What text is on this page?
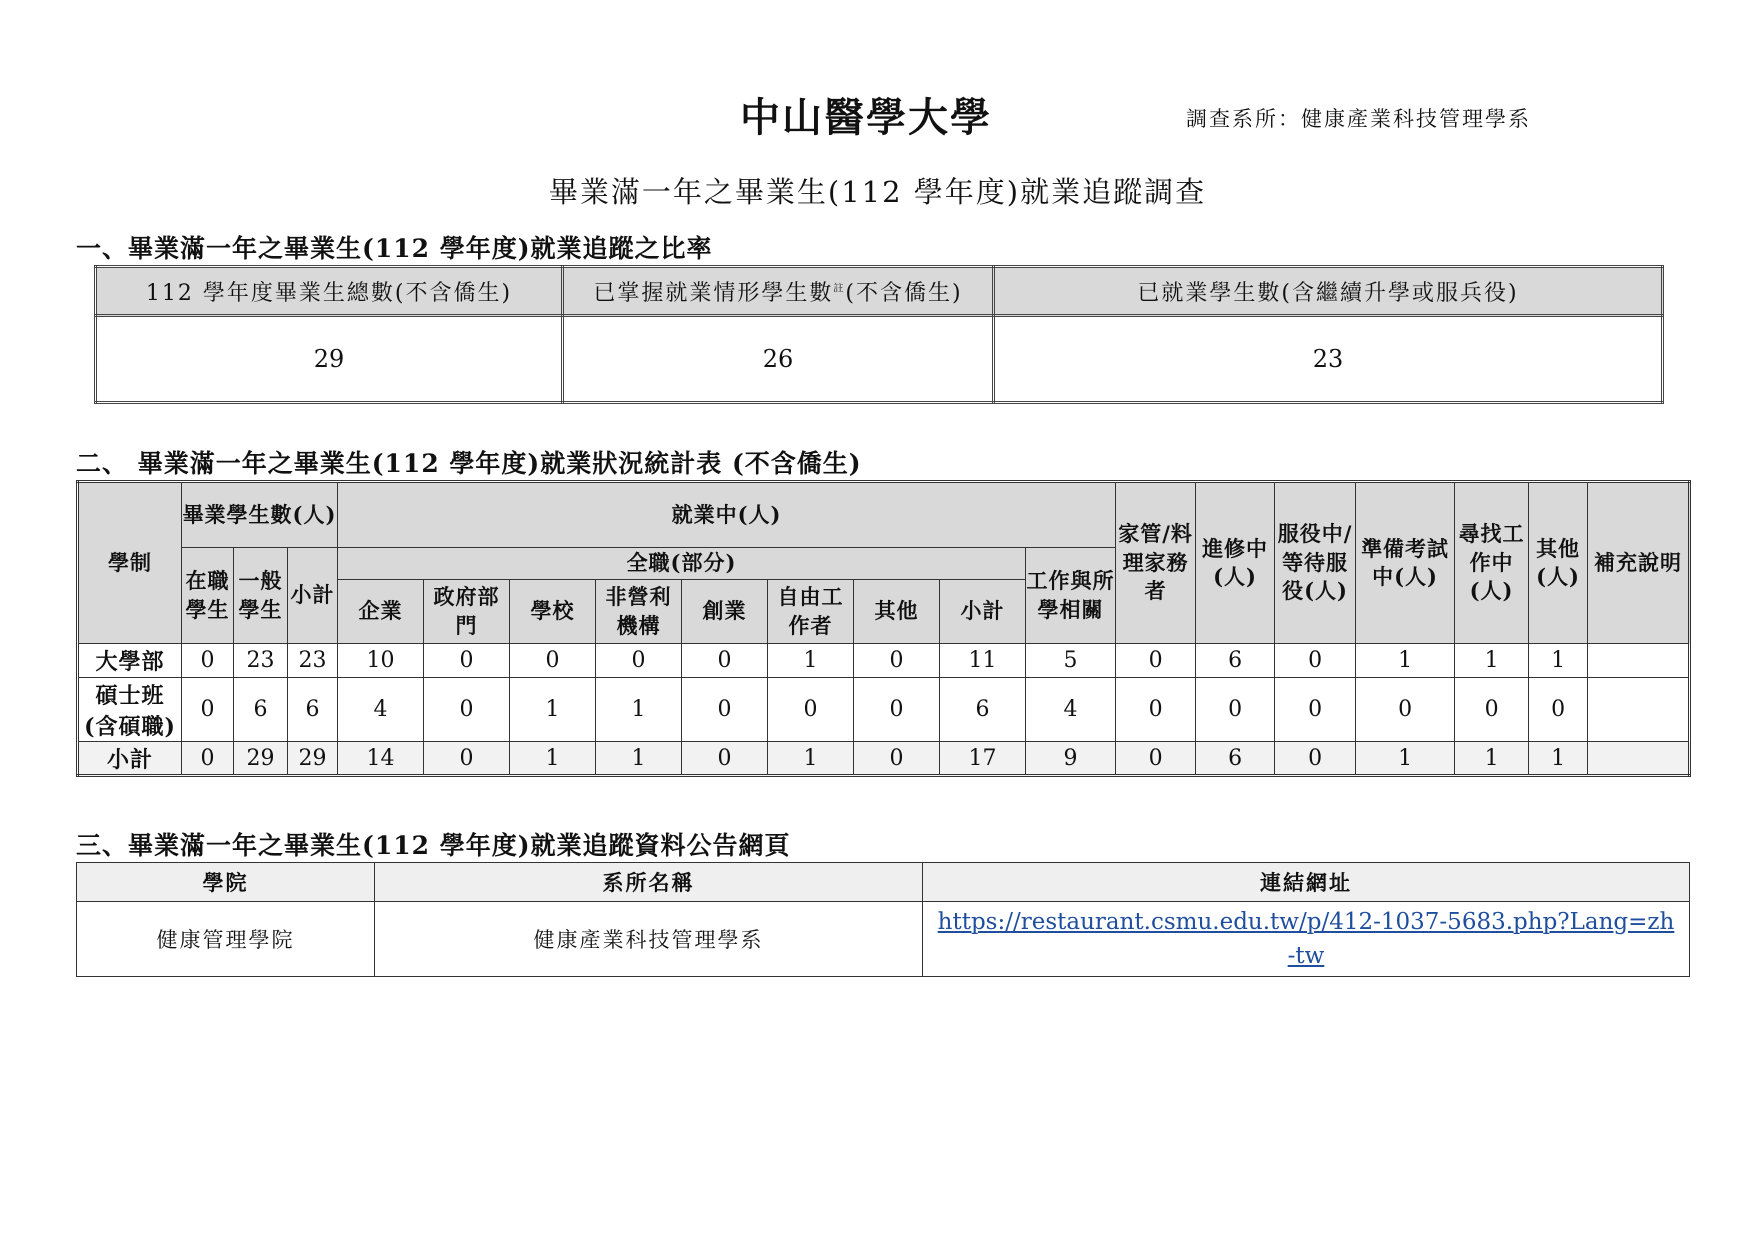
中山醫學大學	調查系所：健康產業科技管理學系
畢業滿一年之畢業生(112 學年度)就業追蹤調查
一、畢業滿一年之畢業生(112 學年度)就業追蹤之比率
112 學年度畢業生總數(不含僑生)	已掌握就業情形學生數$^註$(不含僑生)	已就業學生數(含繼續升學或服兵役)
29	26	23
二、 畢業滿一年之畢業生(112 學年度)就業狀況統計表 (不含僑生)
學制	畢業學生數(人)			就業中(人)									家管/料理家務者	進修中(人)	服役中/等待服役(人)	準備考試中(人)	尋找工作中(人)	其他(人)	補充說明
	在職學生	一般學生	小計	全職(部分)								工作與所學相關							
				企業	政府部門	學校	非營利機構	創業	自由工作者	其他	小計								
大學部	0	23	23	10	0	0	0	0	1	0	11	5	0	6	0	1	1	1	
碩士班(含碩職)	0	6	6	4	0	1	1	0	0	0	6	4	0	0	0	0	0	0	
小計	0	29	29	14	0	1	1	0	1	0	17	9	0	6	0	1	1	1	
三、畢業滿一年之畢業生(112 學年度)就業追蹤資料公告網頁
學院	系所名稱	連結網址
健康管理學院	健康產業科技管理學系	https://restaurant.csmu.edu.tw/p/412-1037-5683.php?Lang=zh-tw
